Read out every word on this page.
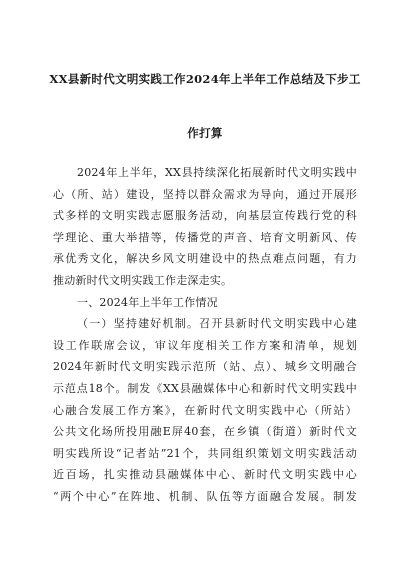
XX县新时代文明实践工作2024年上半年工作总结及下步工
作打算
2024年上半年，XX县持续深化拓展新时代文明实践中
心（所、站）建设，坚持以群众需求为导向，通过开展形
式多样的文明实践志愿服务活动，向基层宣传践行党的科
学理论、重大举措等，传播党的声音、培育文明新风、传
承优秀文化，解决乡风文明建设中的热点难点问题，有力
推动新时代文明实践工作走深走实。
一、2024年上半年工作情况
（一）坚持建好机制。召开县新时代文明实践中心建
设工作联席会议，审议年度相关工作方案和清单，规划
2024年新时代文明实践示范所（站、点）、城乡文明融合
示范点18个。制发《XX县融媒体中心和新时代文明实践中
心融合发展工作方案》，在新时代文明实践中心（所站）
公共文化场所投用融E屏40套，在乡镇（街道）新时代文
明实践所设“记者站”21个，共同组织策划文明实践活动
近百场，扎实推动县融媒体中心、新时代文明实践中心
“两个中心”在阵地、机制、队伍等方面融合发展。制发
